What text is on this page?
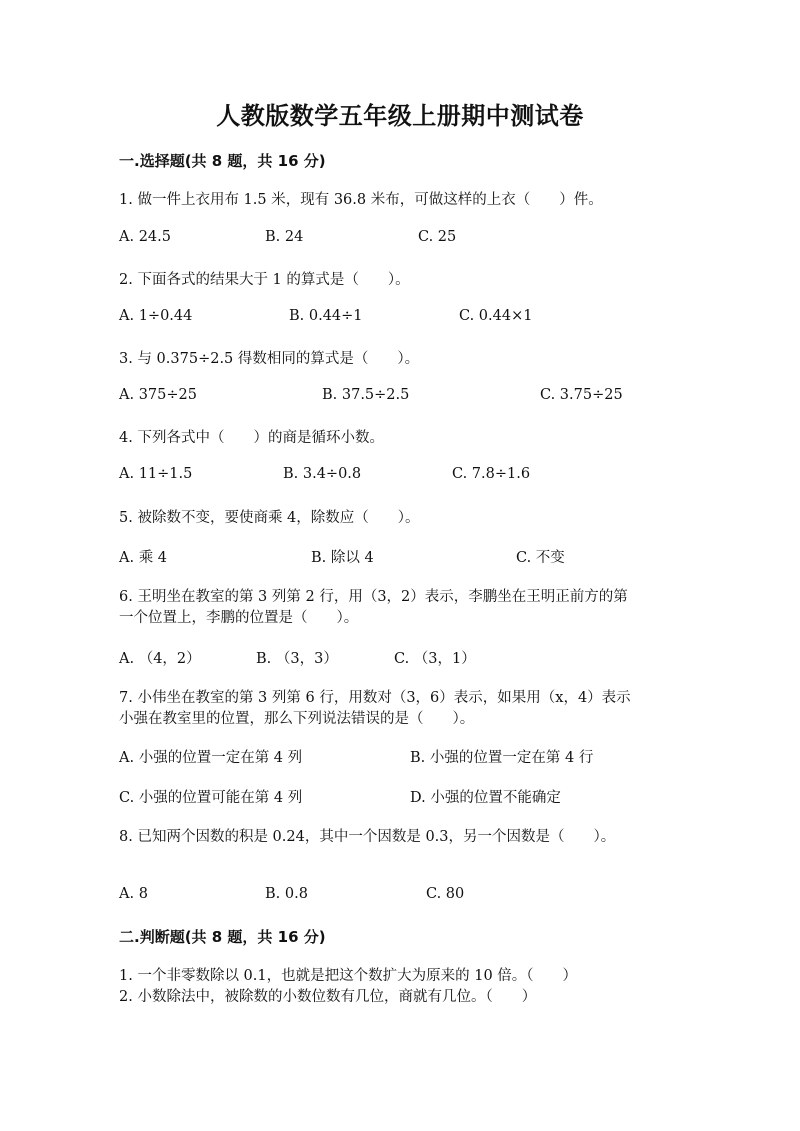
人教版数学五年级上册期中测试卷
一.选择题(共 8 题，共 16 分)
1. 做一件上衣用布 1.5 米，现有 36.8 米布，可做这样的上衣（　　）件。
A. 24.5	B. 24	C. 25
2. 下面各式的结果大于 1 的算式是（　　）。
A. 1÷0.44	B. 0.44÷1	C. 0.44×1
3. 与 0.375÷2.5 得数相同的算式是（　　）。
A. 375÷25	B. 37.5÷2.5	C. 3.75÷25
4. 下列各式中（　　）的商是循环小数。
A. 11÷1.5	B. 3.4÷0.8	C. 7.8÷1.6
5. 被除数不变，要使商乘 4，除数应（　　）。
A. 乘 4	B. 除以 4	C. 不变
6. 王明坐在教室的第 3 列第 2 行，用（3，2）表示，李鹏坐在王明正前方的第
一个位置上，李鹏的位置是（　　）。
A. （4，2）	B. （3，3）	C. （3，1）
7. 小伟坐在教室的第 3 列第 6 行，用数对（3，6）表示，如果用（x，4）表示
小强在教室里的位置，那么下列说法错误的是（　　）。
A. 小强的位置一定在第 4 列	B. 小强的位置一定在第 4 行
C. 小强的位置可能在第 4 列	D. 小强的位置不能确定
8. 已知两个因数的积是 0.24，其中一个因数是 0.3，另一个因数是（　　）。
A. 8	B. 0.8	C. 80
二.判断题(共 8 题，共 16 分)
1. 一个非零数除以 0.1，也就是把这个数扩大为原来的 10 倍。（　　）
2. 小数除法中，被除数的小数位数有几位，商就有几位。（　　）
